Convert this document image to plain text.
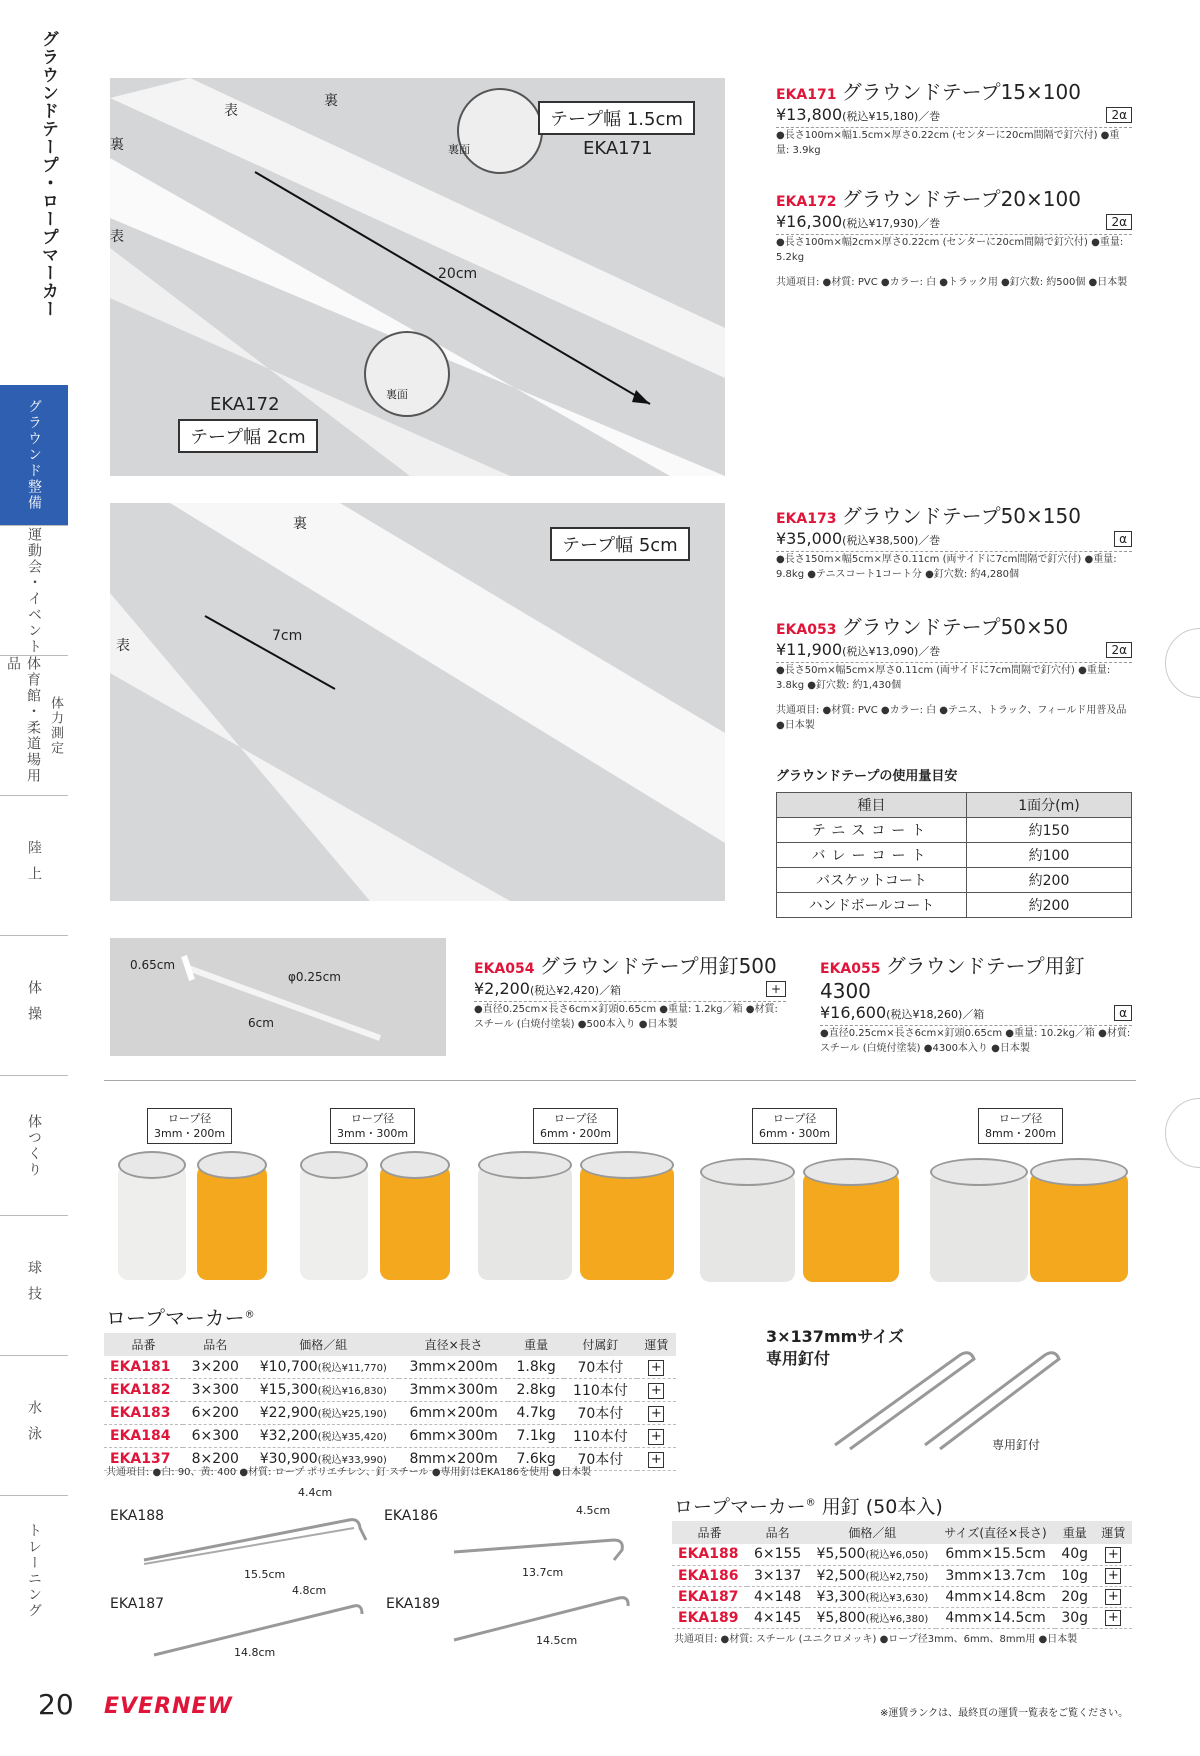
グラウンドテープ・ロープマーカー
グラウンド整備
運動会・イベント
体育館・柔道場用品
体力測定
陸上
体操
体つくり
球技
水泳
トレーニング
テープ幅 1.5cm
EKA171
表
裏
裏
表
裏面
裏面
20cm
EKA172
テープ幅 2cm
テープ幅 5cm
裏
表
7cm
0.65cm
φ0.25cm
6cm
EKA171 グラウンドテープ15×100
¥13,800(税込¥15,180)／巻	2α
●長さ100m×幅1.5cm×厚さ0.22cm (センターに20cm間隔で釘穴付) ●重量: 3.9kg
EKA172 グラウンドテープ20×100
¥16,300(税込¥17,930)／巻	2α
●長さ100m×幅2cm×厚さ0.22cm (センターに20cm間隔で釘穴付) ●重量: 5.2kg
共通項目: ●材質: PVC ●カラー: 白 ●トラック用 ●釘穴数: 約500個 ●日本製
EKA173 グラウンドテープ50×150
¥35,000(税込¥38,500)／巻	α
●長さ150m×幅5cm×厚さ0.11cm (両サイドに7cm間隔で釘穴付) ●重量: 9.8kg ●テニスコート1コート分 ●釘穴数: 約4,280個
EKA053 グラウンドテープ50×50
¥11,900(税込¥13,090)／巻	2α
●長さ50m×幅5cm×厚さ0.11cm (両サイドに7cm間隔で釘穴付) ●重量: 3.8kg ●釘穴数: 約1,430個
共通項目: ●材質: PVC ●カラー: 白 ●テニス、トラック、フィールド用普及品 ●日本製
グラウンドテープの使用量目安
種目	1面分(m)
テニスコート	約150
バレーコート	約100
バスケットコート	約200
ハンドボールコート	約200
EKA054 グラウンドテープ用釘500
¥2,200(税込¥2,420)／箱	+
●直径0.25cm×長さ6cm×釘頭0.65cm ●重量: 1.2kg／箱 ●材質: スチール (白焼付塗装) ●500本入り ●日本製
EKA055 グラウンドテープ用釘4300
¥16,600(税込¥18,260)／箱	α
●直径0.25cm×長さ6cm×釘頭0.65cm ●重量: 10.2kg／箱 ●材質: スチール (白焼付塗装) ●4300本入り ●日本製
ロープ径
3mm・200m
ロープ径
3mm・300m
ロープ径
6mm・200m
ロープ径
6mm・300m
ロープ径
8mm・200m
ロープマーカー®
品番	品名	価格／組	直径×長さ	重量	付属釘	運賃
EKA181	3×200	¥10,700(税込¥11,770)	3mm×200m	1.8kg	70本付	+
EKA182	3×300	¥15,300(税込¥16,830)	3mm×300m	2.8kg	110本付	+
EKA183	6×200	¥22,900(税込¥25,190)	6mm×200m	4.7kg	70本付	+
EKA184	6×300	¥32,200(税込¥35,420)	6mm×300m	7.1kg	110本付	+
EKA137	8×200	¥30,900(税込¥33,990)	8mm×200m	7.6kg	70本付	+
共通項目: ●白: 90、黄: 400 ●材質: ロープ ポリエチレン、釘 スチール ●専用釘はEKA186を使用 ●日本製
3×137mmサイズ
専用釘付
専用釘付
EKA188
4.4cm
15.5cm
EKA186	4.5cm
13.7cm
EKA187
4.8cm
14.8cm
EKA189
14.5cm
ロープマーカー® 用釘 (50本入)
品番	品名	価格／組	サイズ(直径×長さ)	重量	運賃
EKA188	6×155	¥5,500(税込¥6,050)	6mm×15.5cm	40g	+
EKA186	3×137	¥2,500(税込¥2,750)	3mm×13.7cm	10g	+
EKA187	4×148	¥3,300(税込¥3,630)	4mm×14.8cm	20g	+
EKA189	4×145	¥5,800(税込¥6,380)	4mm×14.5cm	30g	+
共通項目: ●材質: スチール (ユニクロメッキ) ●ロープ径3mm、6mm、8mm用 ●日本製
20 EVERNEW	※運賃ランクは、最終頁の運賃一覧表をご覧ください。
